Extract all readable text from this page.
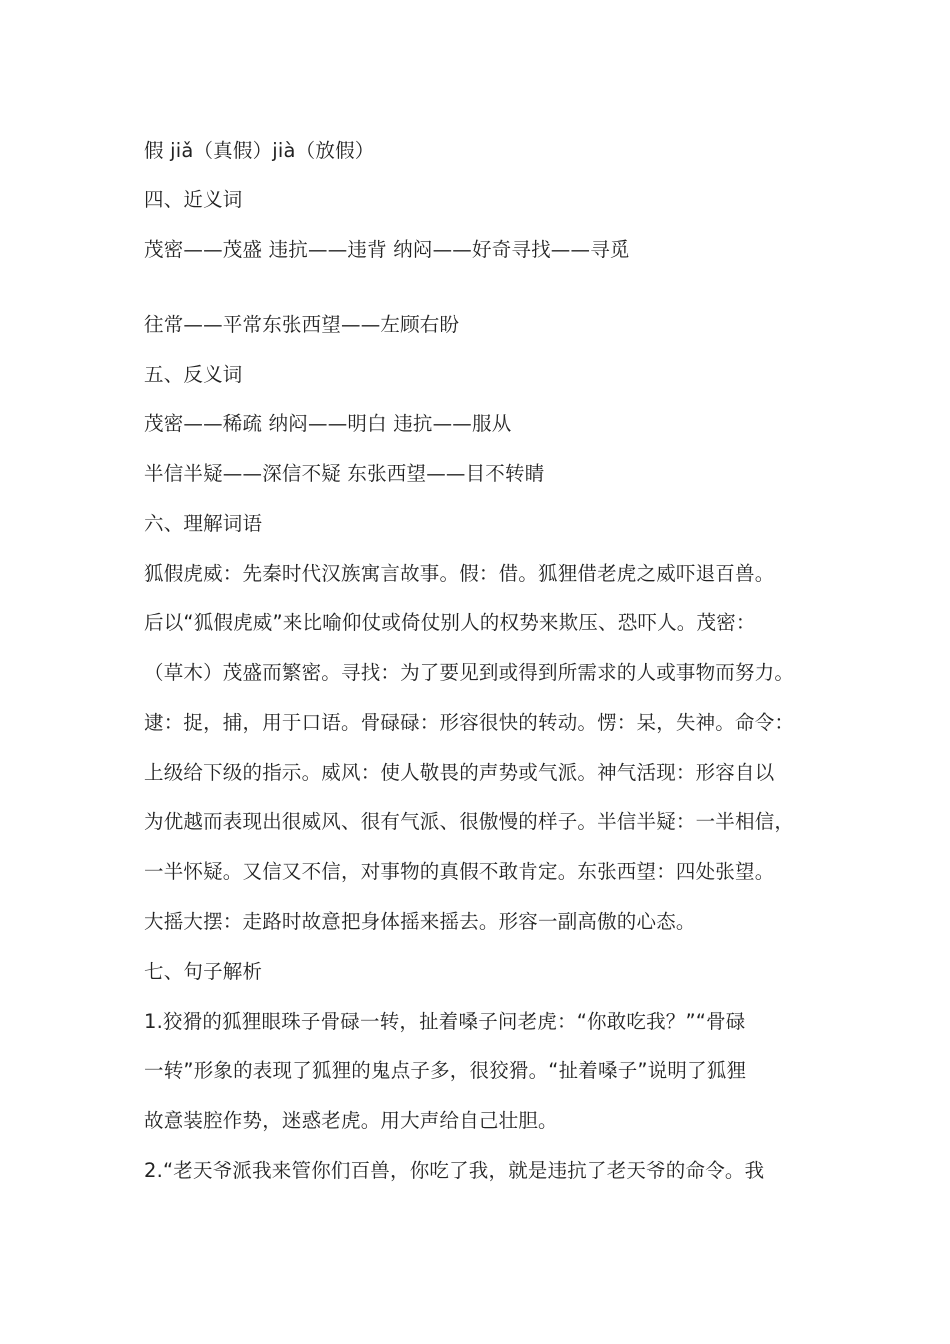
假 jiǎ（真假）jià（放假）
四、近义词
茂密——茂盛 违抗——违背 纳闷——好奇寻找——寻觅
往常——平常东张西望——左顾右盼
五、反义词
茂密——稀疏 纳闷——明白 违抗——服从
半信半疑——深信不疑 东张西望——目不转睛
六、理解词语
狐假虎威：先秦时代汉族寓言故事。假：借。狐狸借老虎之威吓退百兽。
后以“狐假虎威”来比喻仰仗或倚仗别人的权势来欺压、恐吓人。茂密：
（草木）茂盛而繁密。寻找：为了要见到或得到所需求的人或事物而努力。
逮：捉，捕，用于口语。骨碌碌：形容很快的转动。愣：呆，失神。命令：
上级给下级的指示。威风：使人敬畏的声势或气派。神气活现：形容自以
为优越而表现出很威风、很有气派、很傲慢的样子。半信半疑：一半相信，
一半怀疑。又信又不信，对事物的真假不敢肯定。东张西望：四处张望。
大摇大摆：走路时故意把身体摇来摇去。形容一副高傲的心态。
七、句子解析
1.狡猾的狐狸眼珠子骨碌一转，扯着嗓子问老虎：“你敢吃我？”“骨碌
一转”形象的表现了狐狸的鬼点子多，很狡猾。“扯着嗓子”说明了狐狸
故意装腔作势，迷惑老虎。用大声给自己壮胆。
2.“老天爷派我来管你们百兽，你吃了我，就是违抗了老天爷的命令。我
